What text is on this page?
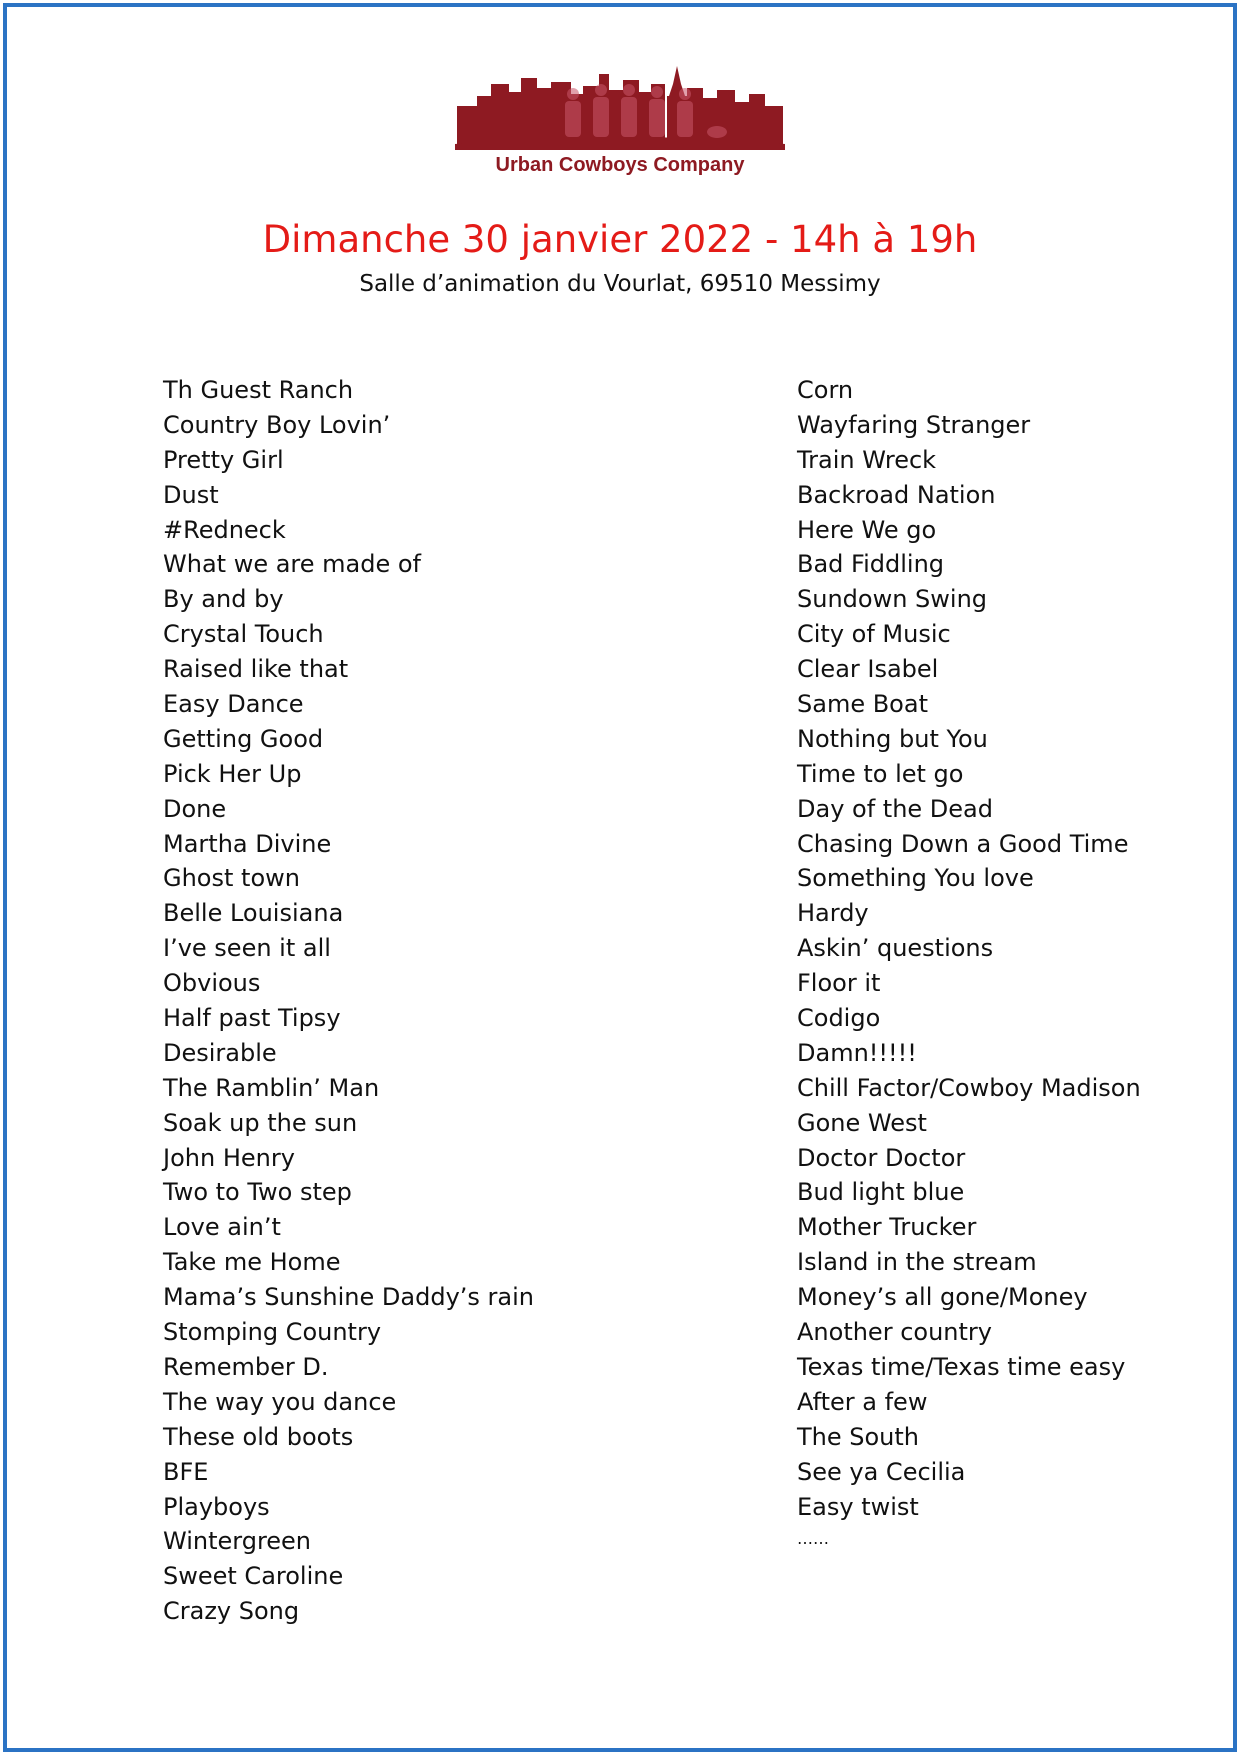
Urban Cowboys Company
Dimanche 30 janvier 2022 - 14h à 19h
Salle d’animation du Vourlat, 69510 Messimy
Th Guest Ranch
Country Boy Lovin’
Pretty Girl
Dust
#Redneck
What we are made of
By and by
Crystal Touch
Raised like that
Easy Dance
Getting Good
Pick Her Up
Done
Martha Divine
Ghost town
Belle Louisiana
I’ve seen it all
Obvious
Half past Tipsy
Desirable
The Ramblin’ Man
Soak up the sun
John Henry
Two to Two step
Love ain’t
Take me Home
Mama’s Sunshine Daddy’s rain
Stomping Country
Remember D.
The way you dance
These old boots
BFE
Playboys
Wintergreen
Sweet Caroline
Crazy Song
Corn
Wayfaring Stranger
Train Wreck
Backroad Nation
Here We go
Bad Fiddling
Sundown Swing
City of Music
Clear Isabel
Same Boat
Nothing but You
Time to let go
Day of the Dead
Chasing Down a Good Time
Something You love
Hardy
Askin’ questions
Floor it
Codigo
Damn!!!!!
Chill Factor/Cowboy Madison
Gone West
Doctor Doctor
Bud light blue
Mother Trucker
Island in the stream
Money’s all gone/Money
Another country
Texas time/Texas time easy
After a few
The South
See ya Cecilia
Easy twist
……
